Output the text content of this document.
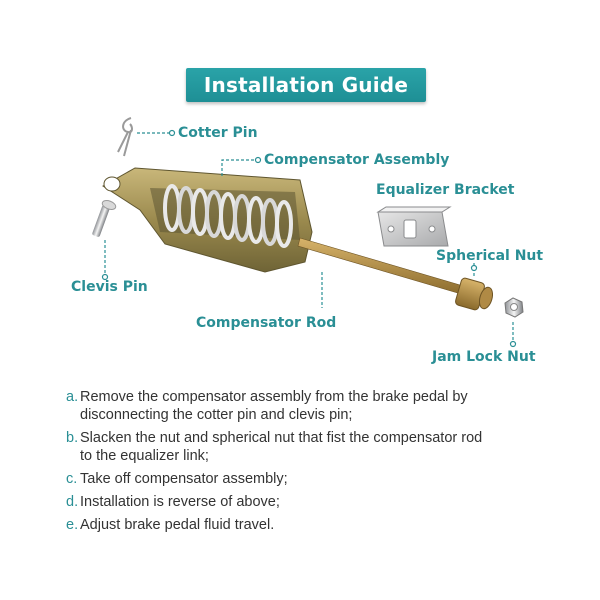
Installation Guide
Cotter Pin
Compensator Assembly
Equalizer Bracket
Spherical Nut
Clevis Pin
Compensator Rod
Jam Lock Nut
a. Remove the compensator assembly from the brake pedal by
disconnecting the cotter pin and clevis pin;
b. Slacken the nut and spherical nut that fist the compensator rod
to the equalizer link;
c. Take off compensator assembly;
d. Installation is reverse of above;
e. Adjust brake pedal fluid travel.
